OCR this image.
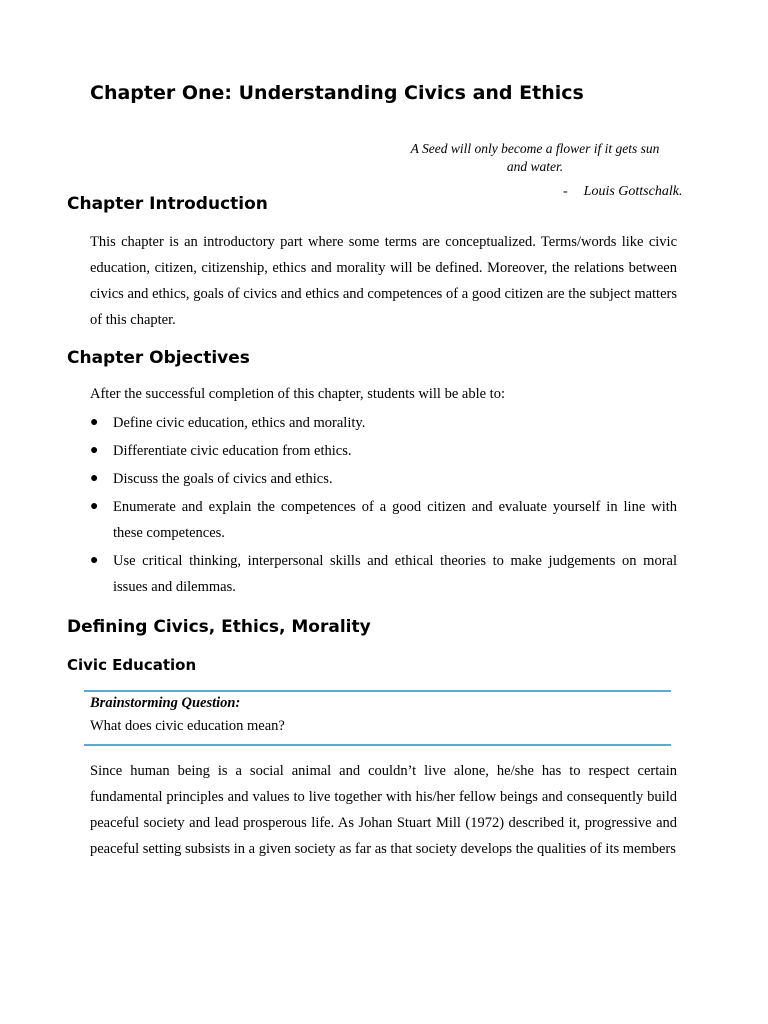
Chapter One: Understanding Civics and Ethics
A Seed will only become a flower if it gets sun and water.
- Louis Gottschalk.
Chapter Introduction

This chapter is an introductory part where some terms are conceptualized. Terms/words like civic education, citizen, citizenship, ethics and morality will be defined. Moreover, the relations between civics and ethics, goals of civics and ethics and competences of a good citizen are the subject matters of this chapter.

Chapter Objectives

After the successful completion of this chapter, students will be able to:

● Define civic education, ethics and morality.
● Differentiate civic education from ethics.
● Discuss the goals of civics and ethics.
● Enumerate and explain the competences of a good citizen and evaluate yourself in line with these competences.
● Use critical thinking, interpersonal skills and ethical theories to make judgements on moral issues and dilemmas.
Defining Civics, Ethics, Morality
Civic Education
Brainstorming Question:
What does civic education mean?

Since human being is a social animal and couldn’t live alone, he/she has to respect certain fundamental principles and values to live together with his/her fellow beings and consequently build peaceful society and lead prosperous life. As Johan Stuart Mill (1972) described it, progressive and peaceful setting subsists in a given society as far as that society develops the qualities of its members
